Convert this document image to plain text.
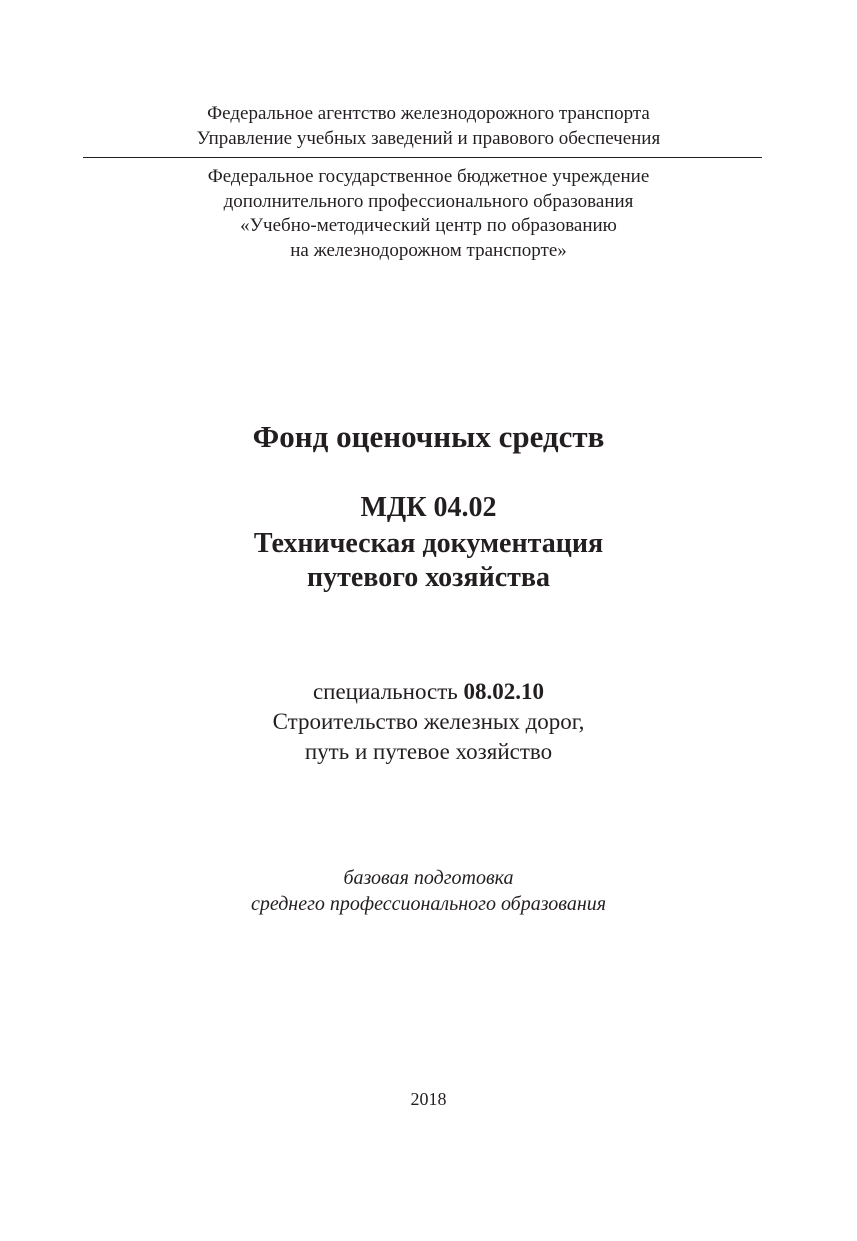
Федеральное агентство железнодорожного транспорта
Управление учебных заведений и правового обеспечения
Федеральное государственное бюджетное учреждение
дополнительного профессионального образования
«Учебно-методический центр по образованию
на железнодорожном транспорте»
Фонд оценочных средств
МДК 04.02
Техническая документация
путевого хозяйства
специальность 08.02.10
Строительство железных дорог,
путь и путевое хозяйство
базовая подготовка
среднего профессионального образования
2018
